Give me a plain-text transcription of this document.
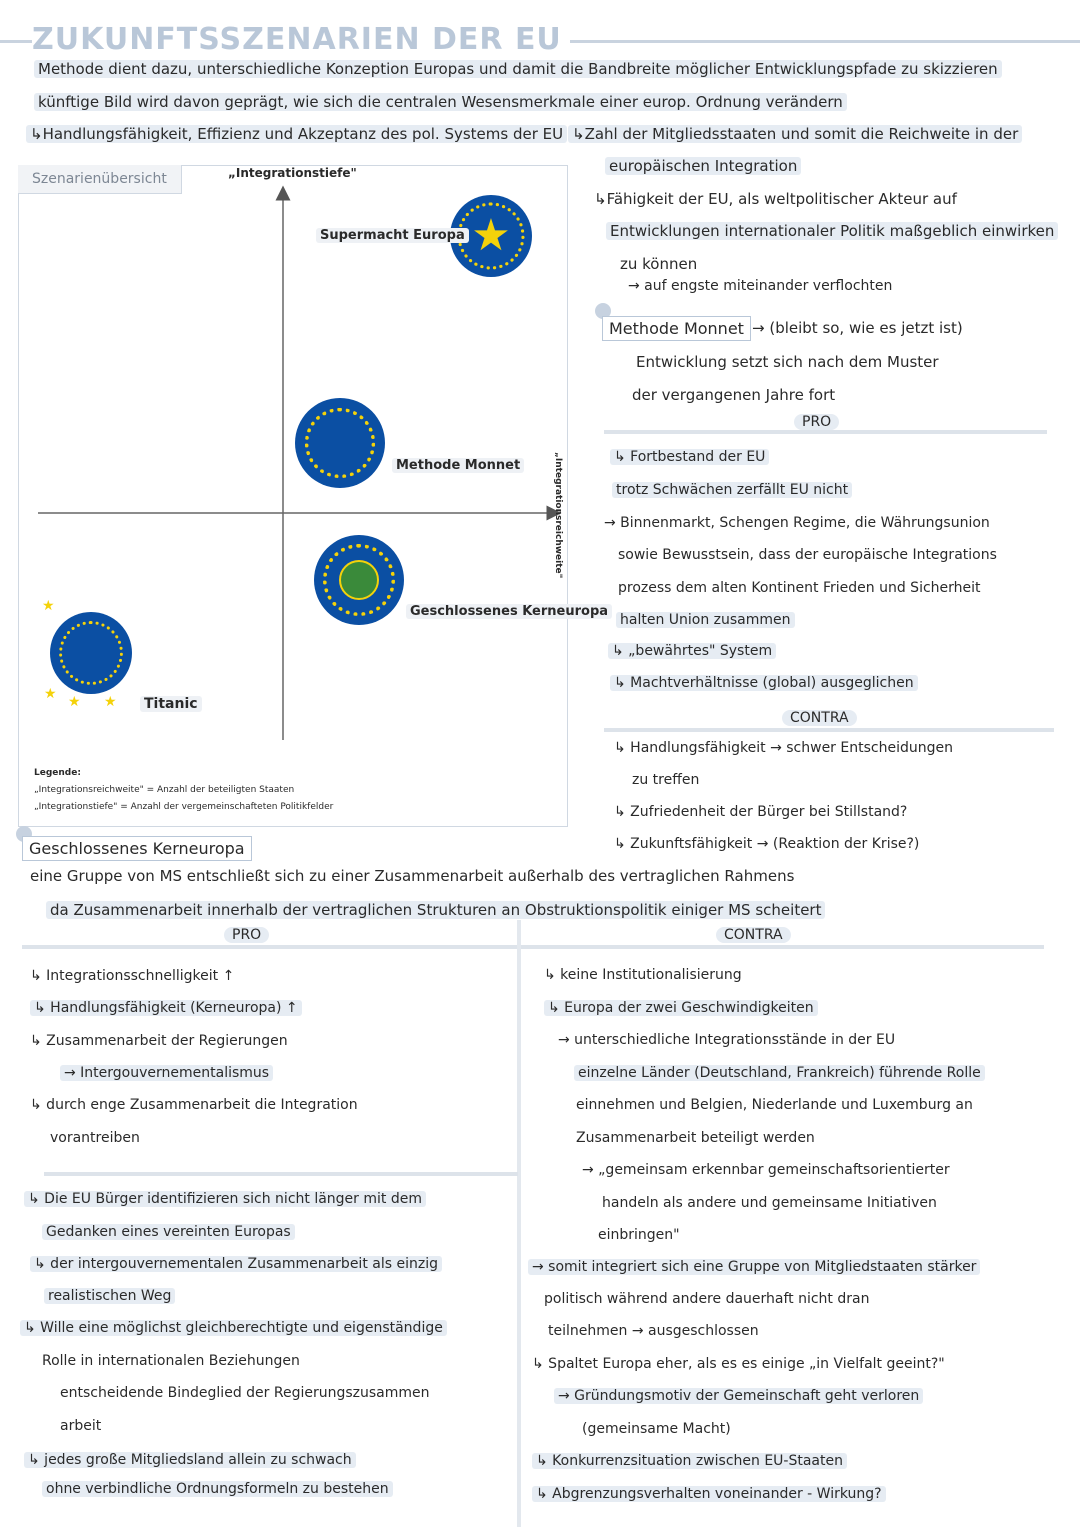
ZUKUNFTSSZENARIEN DER EU
Methode dient dazu, unterschiedliche Konzeption Europas und damit die Bandbreite möglicher Entwicklungspfade zu skizzieren
künftige Bild wird davon geprägt, wie sich die centralen Wesensmerkmale einer europ. Ordnung verändern
↳Handlungsfähigkeit, Effizienz und Akzeptanz des pol. Systems der EU ↳Zahl der Mitgliedsstaaten und somit die Reichweite in der
europäischen Integration
↳Fähigkeit der EU, als weltpolitischer Akteur auf
Entwicklungen internationaler Politik maßgeblich einwirken
zu können
→ auf engste miteinander verflochten
Szenarienübersicht	„Integrationstiefe"
„Integrationsreichweite"
★
Supermacht Europa
Methode Monnet
Geschlossenes Kerneuropa
★
★ ★ ★ Titanic
Legende:
„Integrationsreichweite" = Anzahl der beteiligten Staaten
„Integrationstiefe" = Anzahl der vergemeinschafteten Politikfelder
Methode Monnet → (bleibt so, wie es jetzt ist)
Entwicklung setzt sich nach dem Muster
der vergangenen Jahre fort
PRO
↳ Fortbestand der EU
trotz Schwächen zerfällt EU nicht
→ Binnenmarkt, Schengen Regime, die Währungsunion
sowie Bewusstsein, dass der europäische Integrations
prozess dem alten Kontinent Frieden und Sicherheit
halten Union zusammen
↳ „bewährtes" System
↳ Machtverhältnisse (global) ausgeglichen
CONTRA
↳ Handlungsfähigkeit → schwer Entscheidungen
zu treffen
↳ Zufriedenheit der Bürger bei Stillstand?
↳ Zukunftsfähigkeit → (Reaktion der Krise?)
Geschlossenes Kerneuropa
eine Gruppe von MS entschließt sich zu einer Zusammenarbeit außerhalb des vertraglichen Rahmens
da Zusammenarbeit innerhalb der vertraglichen Strukturen an Obstruktionspolitik einiger MS scheitert
PRO	CONTRA
↳ Integrationsschnelligkeit ↑
↳ Handlungsfähigkeit (Kerneuropa) ↑
↳ Zusammenarbeit der Regierungen
→ Intergouvernementalismus
↳ durch enge Zusammenarbeit die Integration
vorantreiben
↳ Die EU Bürger identifizieren sich nicht länger mit dem
Gedanken eines vereinten Europas
↳ der intergouvernementalen Zusammenarbeit als einzig
realistischen Weg
↳ Wille eine möglichst gleichberechtigte und eigenständige
Rolle in internationalen Beziehungen
entscheidende Bindeglied der Regierungszusammen
arbeit
↳ jedes große Mitgliedsland allein zu schwach
ohne verbindliche Ordnungsformeln zu bestehen
↳ keine Institutionalisierung
↳ Europa der zwei Geschwindigkeiten
→ unterschiedliche Integrationsstände in der EU
einzelne Länder (Deutschland, Frankreich) führende Rolle
einnehmen und Belgien, Niederlande und Luxemburg an
Zusammenarbeit beteiligt werden
→ „gemeinsam erkennbar gemeinschaftsorientierter
handeln als andere und gemeinsame Initiativen
einbringen"
→ somit integriert sich eine Gruppe von Mitgliedstaaten stärker
politisch während andere dauerhaft nicht dran
teilnehmen → ausgeschlossen
↳ Spaltet Europa eher, als es es einige „in Vielfalt geeint?"
→ Gründungsmotiv der Gemeinschaft geht verloren
(gemeinsame Macht)
↳ Konkurrenzsituation zwischen EU-Staaten
↳ Abgrenzungsverhalten voneinander - Wirkung?
